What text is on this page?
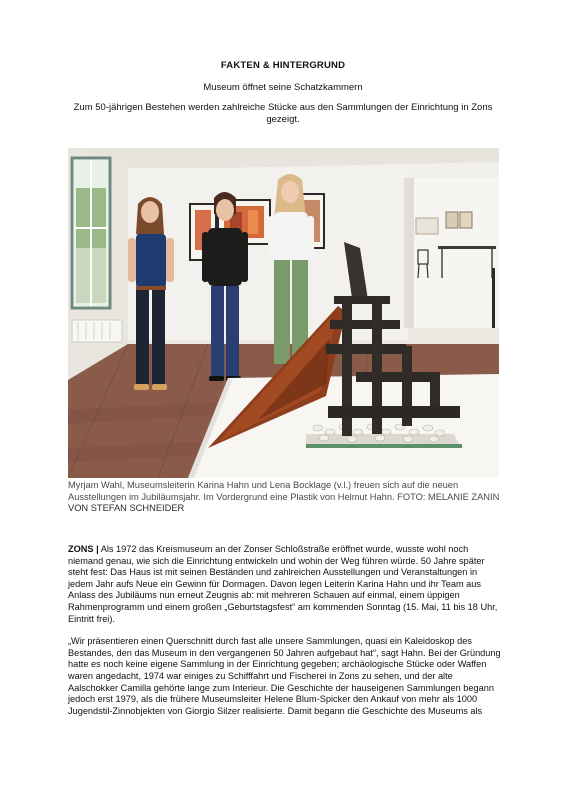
FAKTEN & HINTERGRUND

Museum öffnet seine Schatzkammern

Zum 50-jährigen Bestehen werden zahlreiche Stücke aus den Sammlungen der Einrichtung in Zons gezeigt.

Myrjam Wahl, Museumsleiterin Karina Hahn und Lena Bocklage (v.l.) freuen sich auf die neuen Ausstellungen im Jubiläumsjahr. Im Vordergrund eine Plastik von Helmut Hahn. FOTO: MELANIE ZANIN

VON STEFAN SCHNEIDER

ZONS | Als 1972 das Kreismuseum an der Zonser Schloßstraße eröffnet wurde, wusste wohl noch niemand genau, wie sich die Einrichtung entwickeln und wohin der Weg führen würde. 50 Jahre später steht fest: Das Haus ist mit seinen Beständen und zahlreichen Ausstellungen und Veranstaltungen in jedem Jahr aufs Neue ein Gewinn für Dormagen. Davon legen Leiterin Karina Hahn und ihr Team aus Anlass des Jubiläums nun erneut Zeugnis ab: mit mehreren Schauen auf einmal, einem üppigen Rahmenprogramm und einem großen „Geburtstagsfest“ am kommenden Sonntag (15. Mai, 11 bis 18 Uhr, Eintritt frei).

„Wir präsentieren einen Querschnitt durch fast alle unsere Sammlungen, quasi ein Kaleidoskop des Bestandes, den das Museum in den vergangenen 50 Jahren aufgebaut hat“, sagt Hahn. Bei der Gründung hatte es noch keine eigene Sammlung in der Einrichtung gegeben; archäologische Stücke oder Waffen waren angedacht, 1974 war einiges zu Schifffahrt und Fischerei in Zons zu sehen, und der alte Aalschokker Camilla gehörte lange zum Interieur. Die Geschichte der hauseigenen Sammlungen begann jedoch erst 1979, als die frühere Museumsleiter Helene Blum-Spicker den Ankauf von mehr als 1000 Jugendstil-Zinnobjekten von Giorgio Silzer realisierte. Damit begann die Geschichte des Museums als
